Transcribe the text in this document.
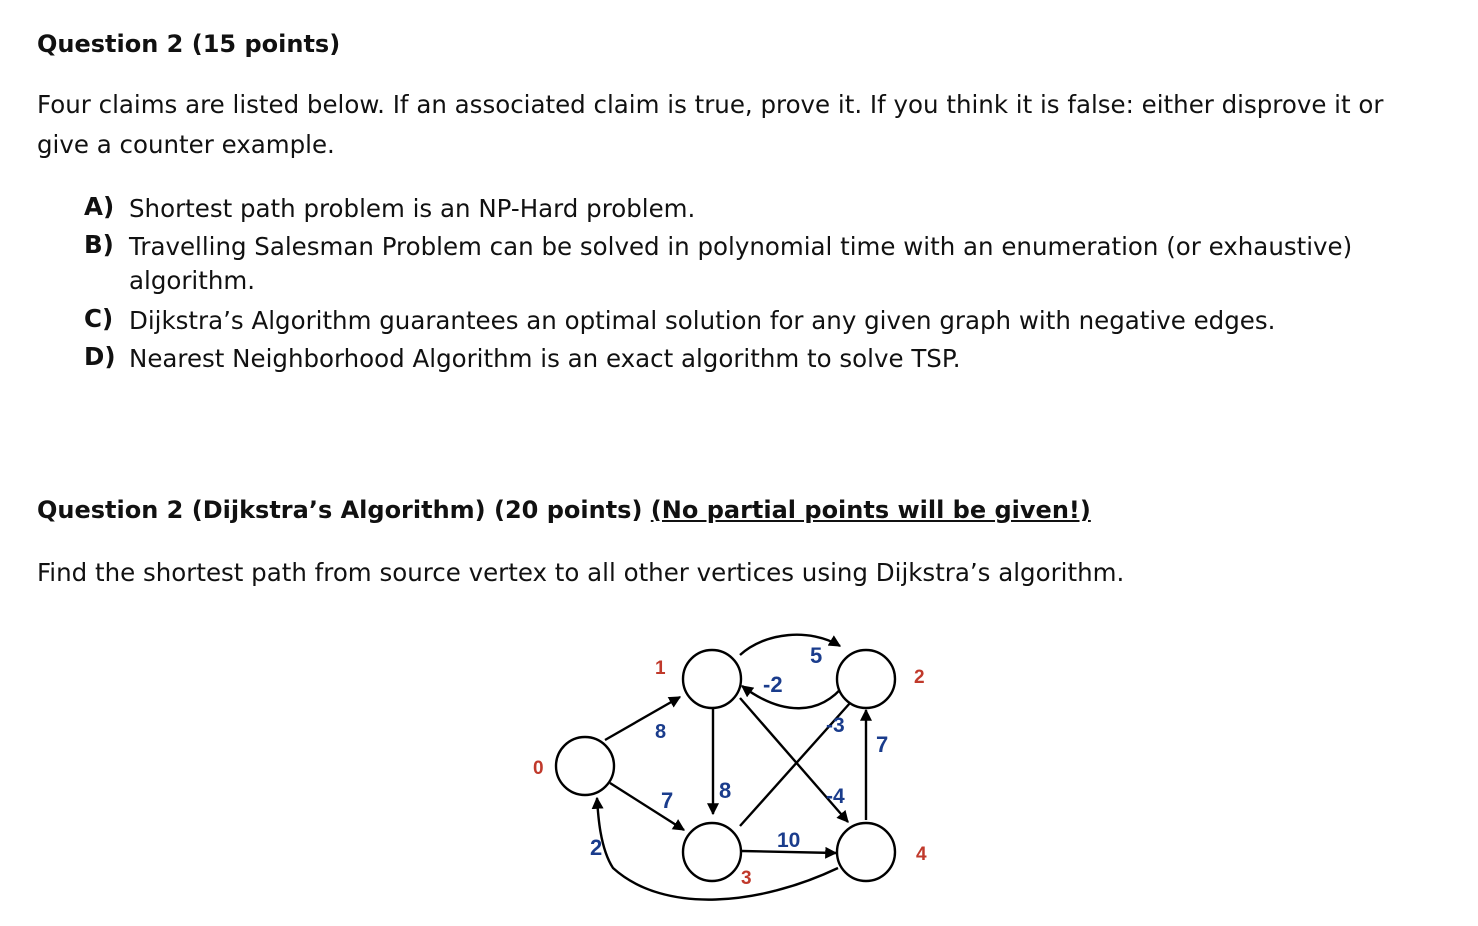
Question 2 (15 points)
Four claims are listed below. If an associated claim is true, prove it. If you think it is false: either disprove it or
give a counter example.
A) Shortest path problem is an NP-Hard problem.
B) Travelling Salesman Problem can be solved in polynomial time with an enumeration (or exhaustive)
algorithm.
C) Dijkstra’s Algorithm guarantees an optimal solution for any given graph with negative edges.
D) Nearest Neighborhood Algorithm is an exact algorithm to solve TSP.
Question 2 (Dijkstra’s Algorithm) (20 points) (No partial points will be given!)
Find the shortest path from source vertex to all other vertices using Dijkstra’s algorithm.
0
1	2
3
4
5
-2
8
7 8
-3
7
10
-4
2
